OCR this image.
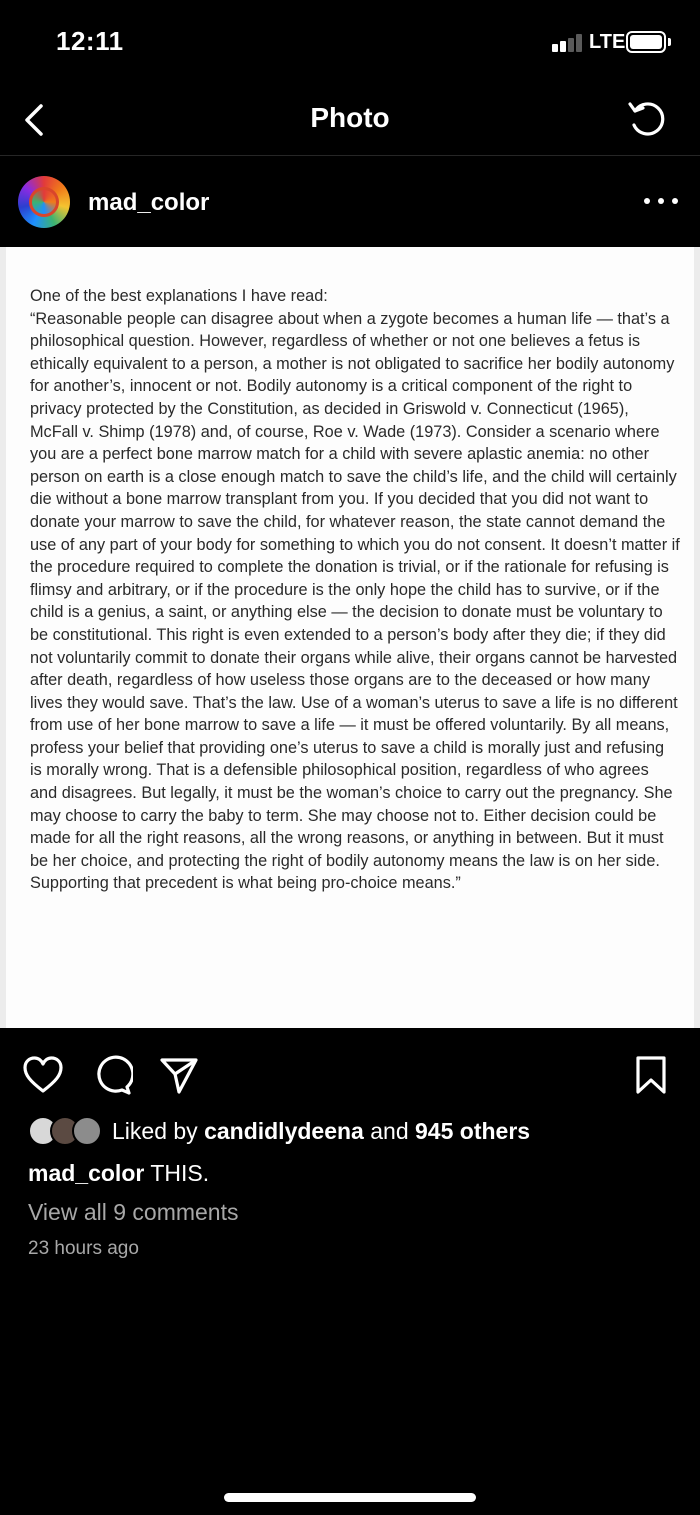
12:11	LTE
Photo
mad_color

One of the best explanations I have read:

“Reasonable people can disagree about when a zygote becomes a human life — that’s a philosophical question. However, regardless of whether or not one believes a fetus is ethically equivalent to a person, a mother is not obligated to sacrifice her bodily autonomy for another’s, innocent or not. Bodily autonomy is a critical component of the right to privacy protected by the Constitution, as decided in Griswold v. Connecticut (1965), McFall v. Shimp (1978) and, of course, Roe v. Wade (1973). Consider a scenario where you are a perfect bone marrow match for a child with severe aplastic anemia: no other person on earth is a close enough match to save the child’s life, and the child will certainly die without a bone marrow transplant from you. If you decided that you did not want to donate your marrow to save the child, for whatever reason, the state cannot demand the use of any part of your body for something to which you do not consent. It doesn’t matter if the procedure required to complete the donation is trivial, or if the rationale for refusing is flimsy and arbitrary, or if the procedure is the only hope the child has to survive, or if the child is a genius, a saint, or anything else — the decision to donate must be voluntary to be constitutional. This right is even extended to a person’s body after they die; if they did not voluntarily commit to donate their organs while alive, their organs cannot be harvested after death, regardless of how useless those organs are to the deceased or how many lives they would save. That’s the law. Use of a woman’s uterus to save a life is no different from use of her bone marrow to save a life — it must be offered voluntarily. By all means, profess your belief that providing one’s uterus to save a child is morally just and refusing is morally wrong. That is a defensible philosophical position, regardless of who agrees and disagrees. But legally, it must be the woman’s choice to carry out the pregnancy. She may choose to carry the baby to term. She may choose not to. Either decision could be made for all the right reasons, all the wrong reasons, or anything in between. But it must be her choice, and protecting the right of bodily autonomy means the law is on her side. Supporting that precedent is what being pro-choice means.”

Liked by candidlydeena and 945 others
mad_color THIS.
View all 9 comments
23 hours ago
